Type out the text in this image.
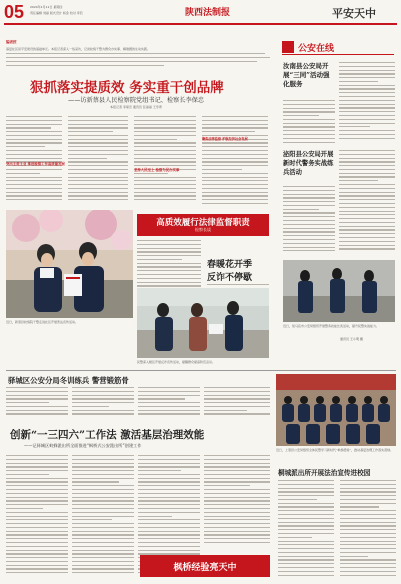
05 2024年1月11日 星期四
责任编辑 刘丽 版式设计 杨金 校对 李若	陕西法制报	平安天中
编者按
基层社区是平安建设的基础单元。本报记者深入一线采访，记录检察干警为群众办实事、解难题的生动实践。
狠抓落实提质效 务实重干创品牌
——访新蔡县人民检察院党组书记、检察长李保忠
本报记者 李保忠 通讯员 张丽丽 王学青
突出主责主业 推进检察工作高质量发展
坚持人民至上 检察为民办实事
聚焦法律监督 护航经济社会发展
高质效履行法律监督职责
检察长谈
春暖花开季
反诈不停歇
近日，新蔡县检察院干警走进社区开展普法宣传活动。
公安在线
汝南县公安局开展“三同”活动强化服务
泌阳县公安局开展新时代警务实战练兵活动
近日，驻马店市公安局组织开展警务技能比武活动，提升民警实战能力。
通讯员 王小明 摄
民警深入辖区开展反诈宣传活动，提醒群众提高防范意识。
驿城区公安分局冬训练兵 警营锻筋骨
近日，上蔡县公安局组织全体民警学习新时代“枫桥经验”，推动基层治理工作落实落细。
创新“一三四六”工作法 激活基层治理效能
——记驿城区蚁蜂派出所全面推进“枫桥式公安派出所”创建工作
枫桥经验亮天中
桐城派出所开展法治宣传进校园
